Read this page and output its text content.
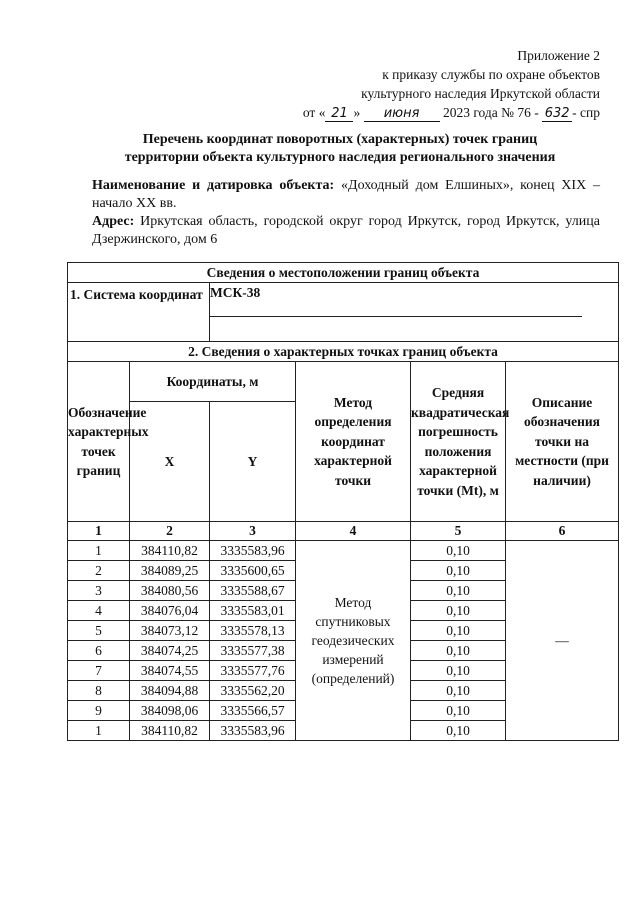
Приложение 2
к приказу службы по охране объектов
культурного наследия Иркутской области
от « 21 » июня 2023 года № 76 - 632 - спр
Перечень координат поворотных (характерных) точек границ
территории объекта культурного наследия регионального значения
Наименование и датировка объекта: «Доходный дом Елшиных», конец XIX – начало XX вв.
Адрес: Иркутская область, городской округ город Иркутск, город Иркутск, улица Дзержинского, дом 6
Сведения о местоположении границ объекта					
1. Система координат		МСК-38			

2. Сведения о характерных точках границ объекта					
Обозначение характерных точек границ	Координаты, м		Метод определения координат характерной точки	Средняя квадратическая погрешность положения характерной точки (Mt), м	Описание обозначения точки на местности (при наличии)
	X	Y			
1	2	3	4	5	6
1	384110,82	3335583,96	Метод спутниковых геодезических измерений (определений)	0,10	—
2	384089,25	3335600,65		0,10	
3	384080,56	3335588,67		0,10	
4	384076,04	3335583,01		0,10	
5	384073,12	3335578,13		0,10	
6	384074,25	3335577,38		0,10	
7	384074,55	3335577,76		0,10	
8	384094,88	3335562,20		0,10	
9	384098,06	3335566,57		0,10	
1	384110,82	3335583,96		0,10	
